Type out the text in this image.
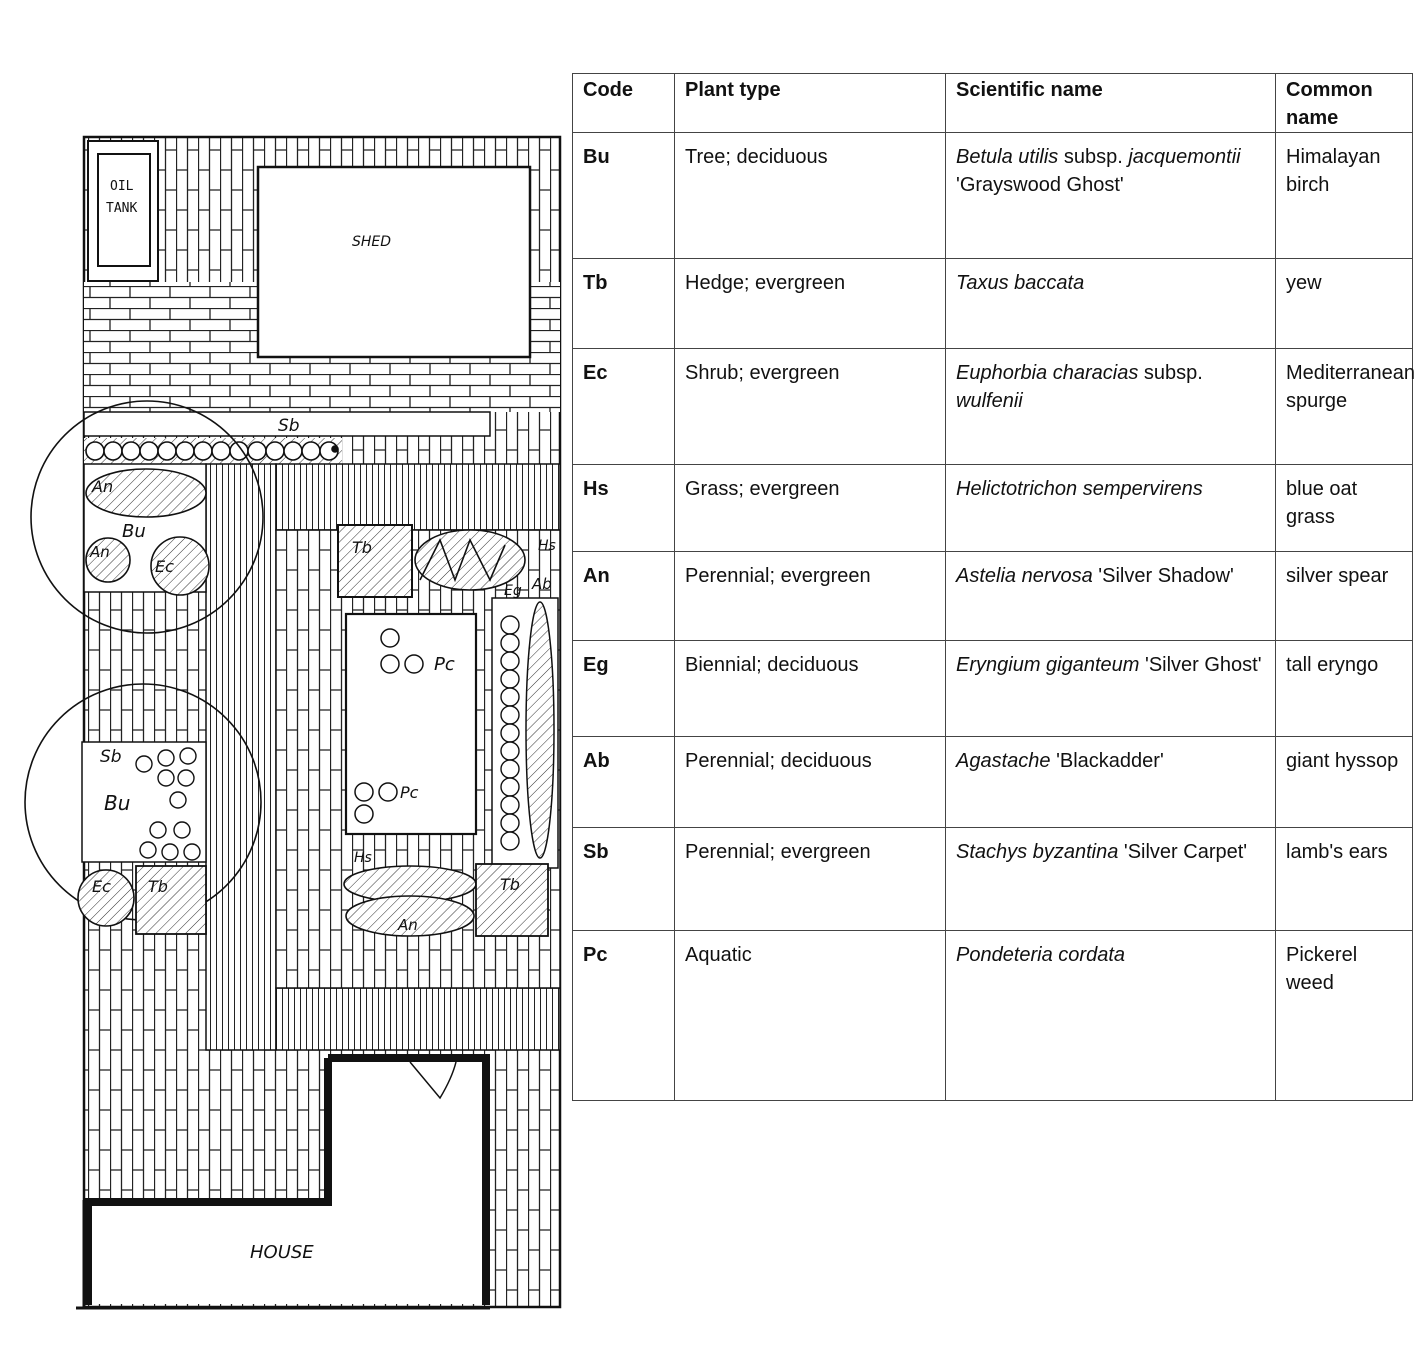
OIL
TANK
SHED
Sb
An
Bu
An
Ec
Tb	Hs
Pc
Pc
Eg Ab
Sb
Bu
Ec Tb
Hs
An
Tb
HOUSE
Code	Plant type	Scientific name	Common name
Bu	Tree; deciduous	Betula utilis subsp. jacquemontii 'Grayswood Ghost'	Himalayan birch
Tb	Hedge; evergreen	Taxus baccata	yew
Ec	Shrub; evergreen	Euphorbia characias subsp. wulfenii	Mediterranean spurge
Hs	Grass; evergreen	Helictotrichon sempervirens	blue oat grass
An	Perennial; evergreen	Astelia nervosa 'Silver Shadow'	silver spear
Eg	Biennial; deciduous	Eryngium giganteum 'Silver Ghost'	tall eryngo
Ab	Perennial; deciduous	Agastache 'Blackadder'	giant hyssop
Sb	Perennial; evergreen	Stachys byzantina 'Silver Carpet'	lamb's ears
Pc	Aquatic	Pondeteria cordata	Pickerel weed
